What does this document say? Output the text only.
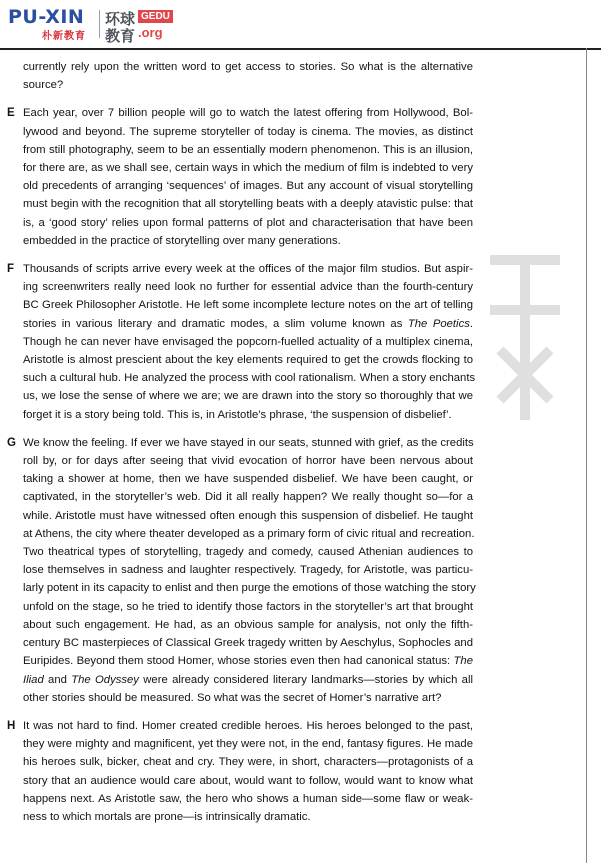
PU-XIN
朴新教育
环球
教育
GEDU
.org
currently rely upon the written word to get access to stories. So what is the alternative
source?
E Each year, over 7 billion people will go to watch the latest offering from Hollywood, Bol-
lywood and beyond. The supreme storyteller of today is cinema. The movies, as distinct
from still photography, seem to be an essentially modern phenomenon. This is an illusion,
for there are, as we shall see, certain ways in which the medium of film is indebted to very
old precedents of arranging ‘sequences’ of images. But any account of visual storytelling
must begin with the recognition that all storytelling beats with a deeply atavistic pulse: that
is, a ‘good story’ relies upon formal patterns of plot and characterisation that have been
embedded in the practice of storytelling over many generations.
F Thousands of scripts arrive every week at the offices of the major film studios. But aspir-
ing screenwriters really need look no further for essential advice than the fourth-century
BC Greek Philosopher Aristotle. He left some incomplete lecture notes on the art of telling
stories in various literary and dramatic modes, a slim volume known as The Poetics.
Though he can never have envisaged the popcorn-fuelled actuality of a multiplex cinema,
Aristotle is almost prescient about the key elements required to get the crowds flocking to
such a cultural hub. He analyzed the process with cool rationalism. When a story enchants
us, we lose the sense of where we are; we are drawn into the story so thoroughly that we
forget it is a story being told. This is, in Aristotle’s phrase, ‘the suspension of disbelief’.
G We know the feeling. If ever we have stayed in our seats, stunned with grief, as the credits
roll by, or for days after seeing that vivid evocation of horror have been nervous about
taking a shower at home, then we have suspended disbelief. We have been caught, or
captivated, in the storyteller’s web. Did it all really happen? We really thought so—for a
while. Aristotle must have witnessed often enough this suspension of disbelief. He taught
at Athens, the city where theater developed as a primary form of civic ritual and recreation.
Two theatrical types of storytelling, tragedy and comedy, caused Athenian audiences to
lose themselves in sadness and laughter respectively. Tragedy, for Aristotle, was particu-
larly potent in its capacity to enlist and then purge the emotions of those watching the story
unfold on the stage, so he tried to identify those factors in the storyteller’s art that brought
about such engagement. He had, as an obvious sample for analysis, not only the fifth-
century BC masterpieces of Classical Greek tragedy written by Aeschylus, Sophocles and
Euripides. Beyond them stood Homer, whose stories even then had canonical status: The
Iliad and The Odyssey were already considered literary landmarks—stories by which all
other stories should be measured. So what was the secret of Homer’s narrative art?
H It was not hard to find. Homer created credible heroes. His heroes belonged to the past,
they were mighty and magnificent, yet they were not, in the end, fantasy figures. He made
his heroes sulk, bicker, cheat and cry. They were, in short, characters—protagonists of a
story that an audience would care about, would want to follow, would want to know what
happens next. As Aristotle saw, the hero who shows a human side—some flaw or weak-
ness to which mortals are prone—is intrinsically dramatic.
